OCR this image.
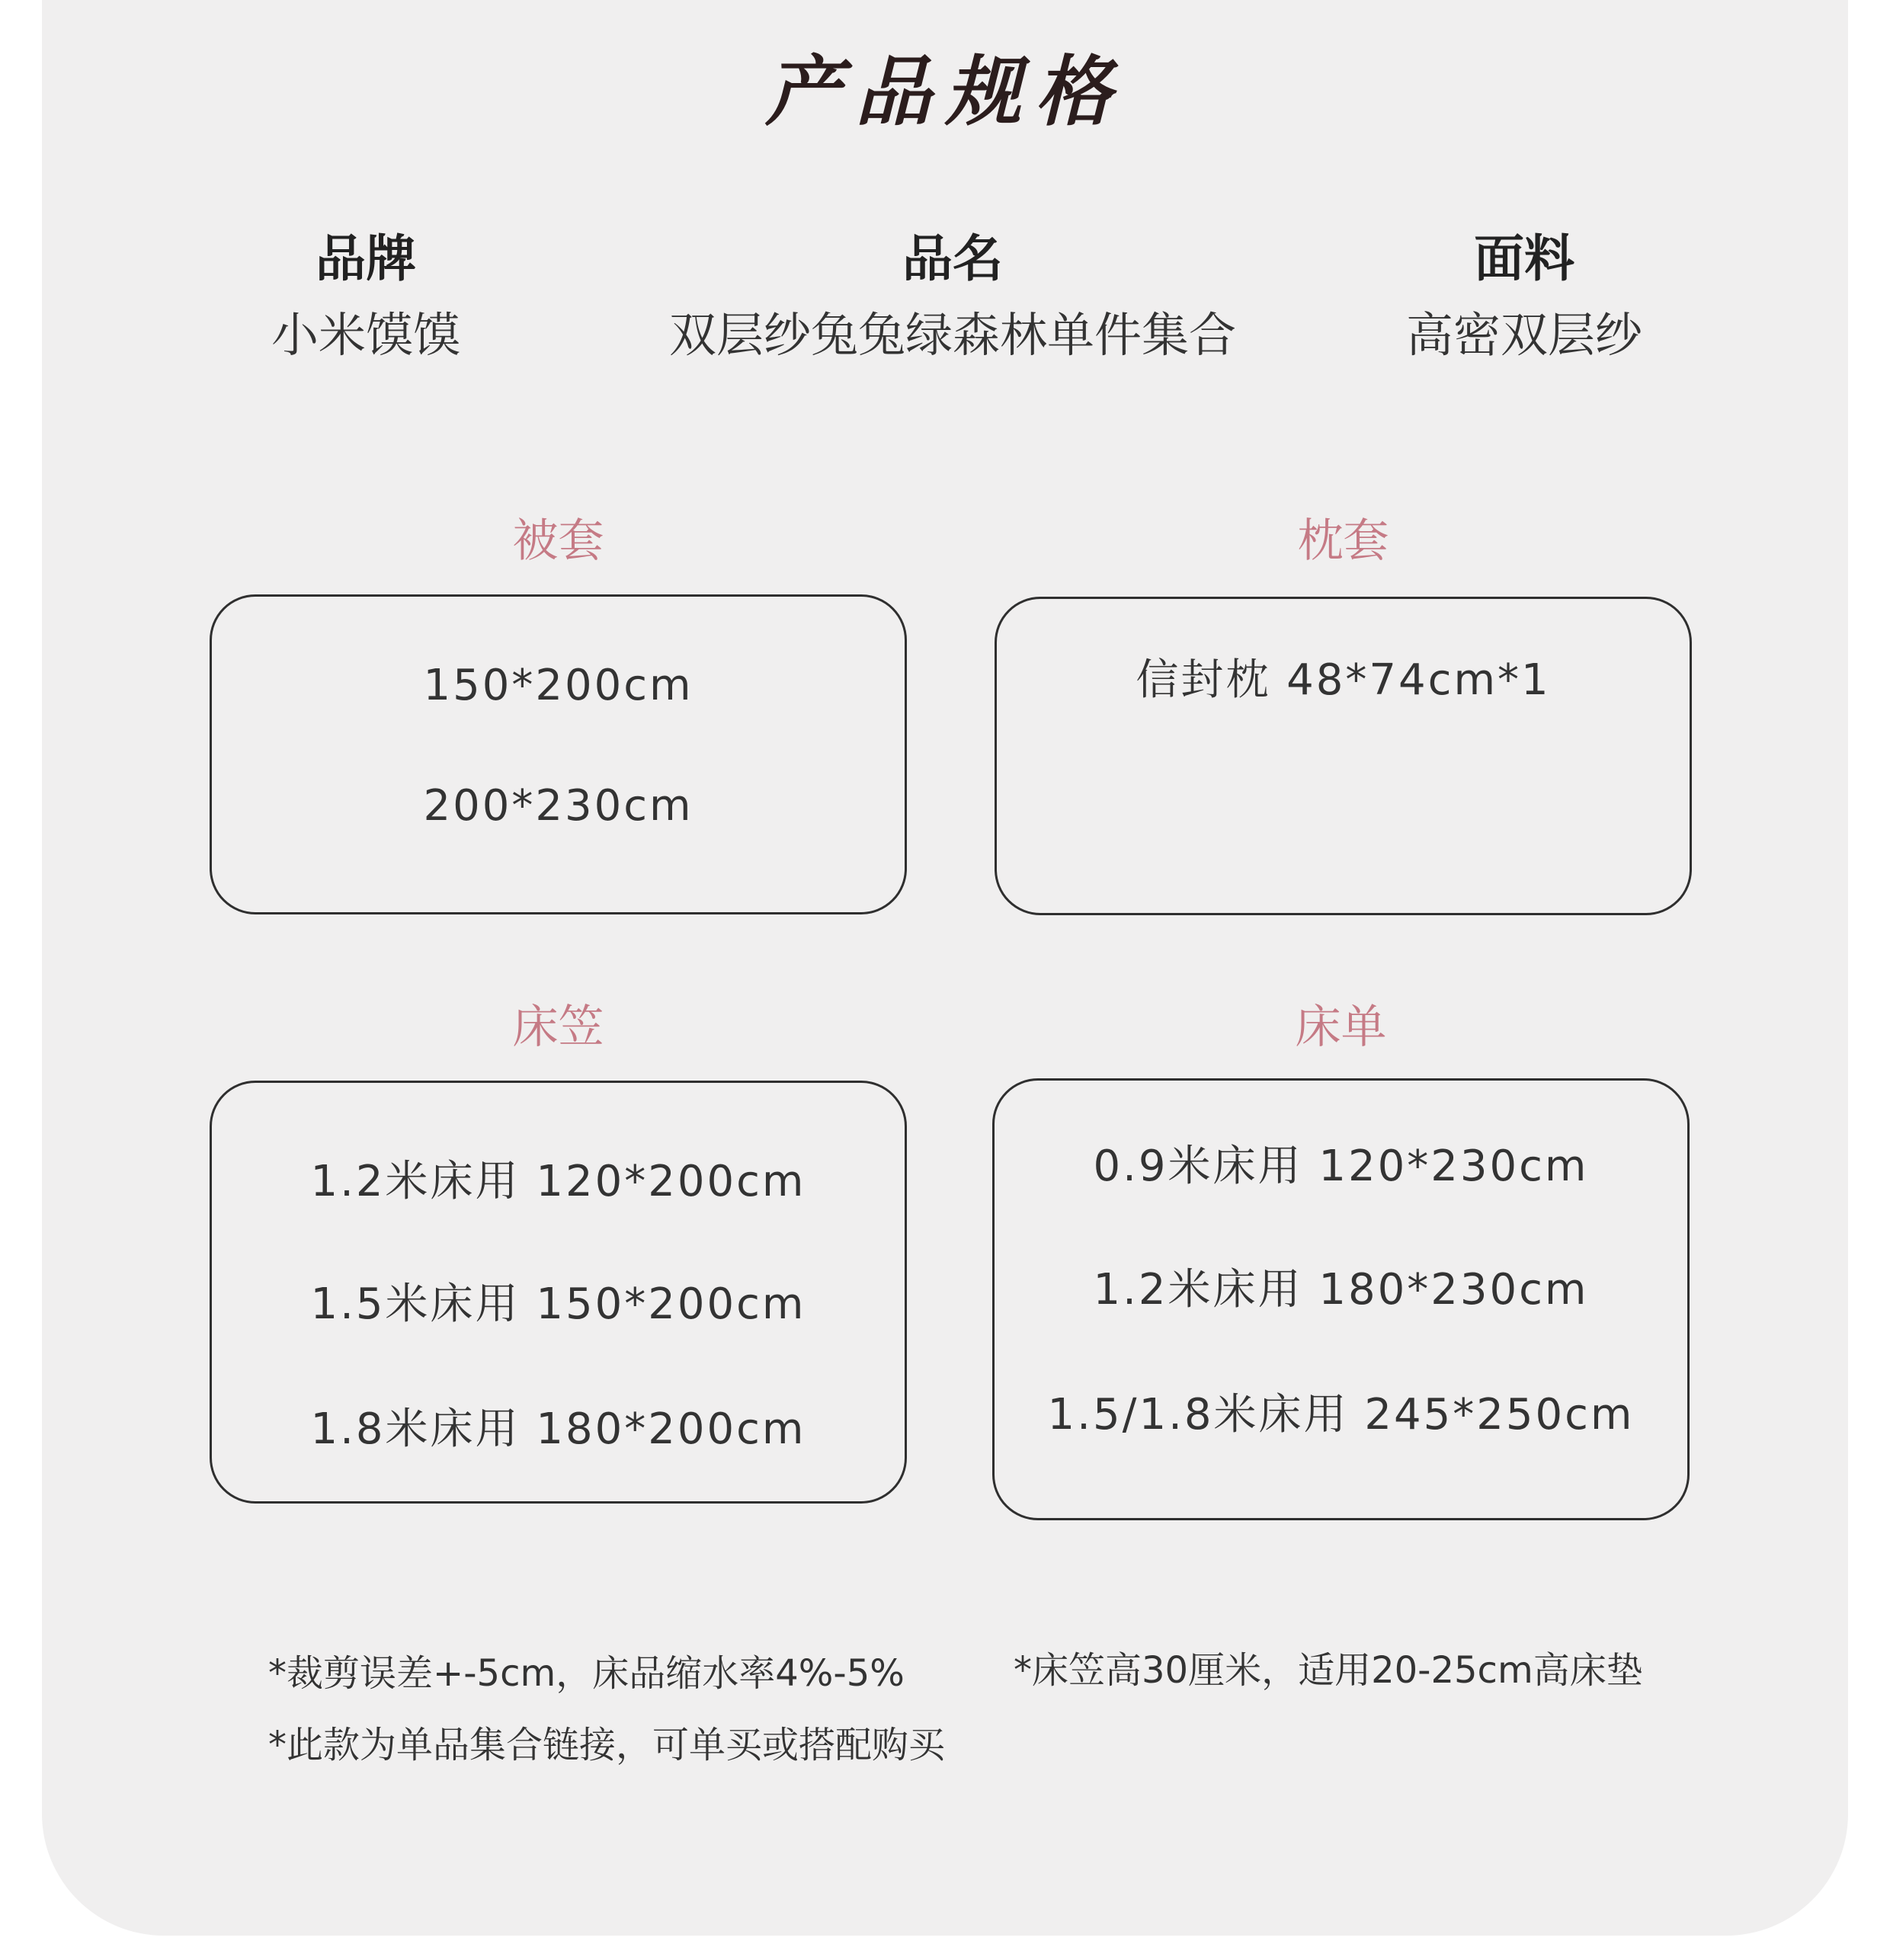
产品规格
品牌
小米馍馍
品名
双层纱兔兔绿森林单件集合
面料
高密双层纱
被套
150*200cm
200*230cm
枕套
信封枕 48*74cm*1
床笠
1.2米床用 120*200cm
1.5米床用 150*200cm
1.8米床用 180*200cm
床单
0.9米床用 120*230cm
1.2米床用 180*230cm
1.5/1.8米床用 245*250cm
*裁剪误差+-5cm，床品缩水率4%-5%	*床笠高30厘米，适用20-25cm高床垫
*此款为单品集合链接，可单买或搭配购买
